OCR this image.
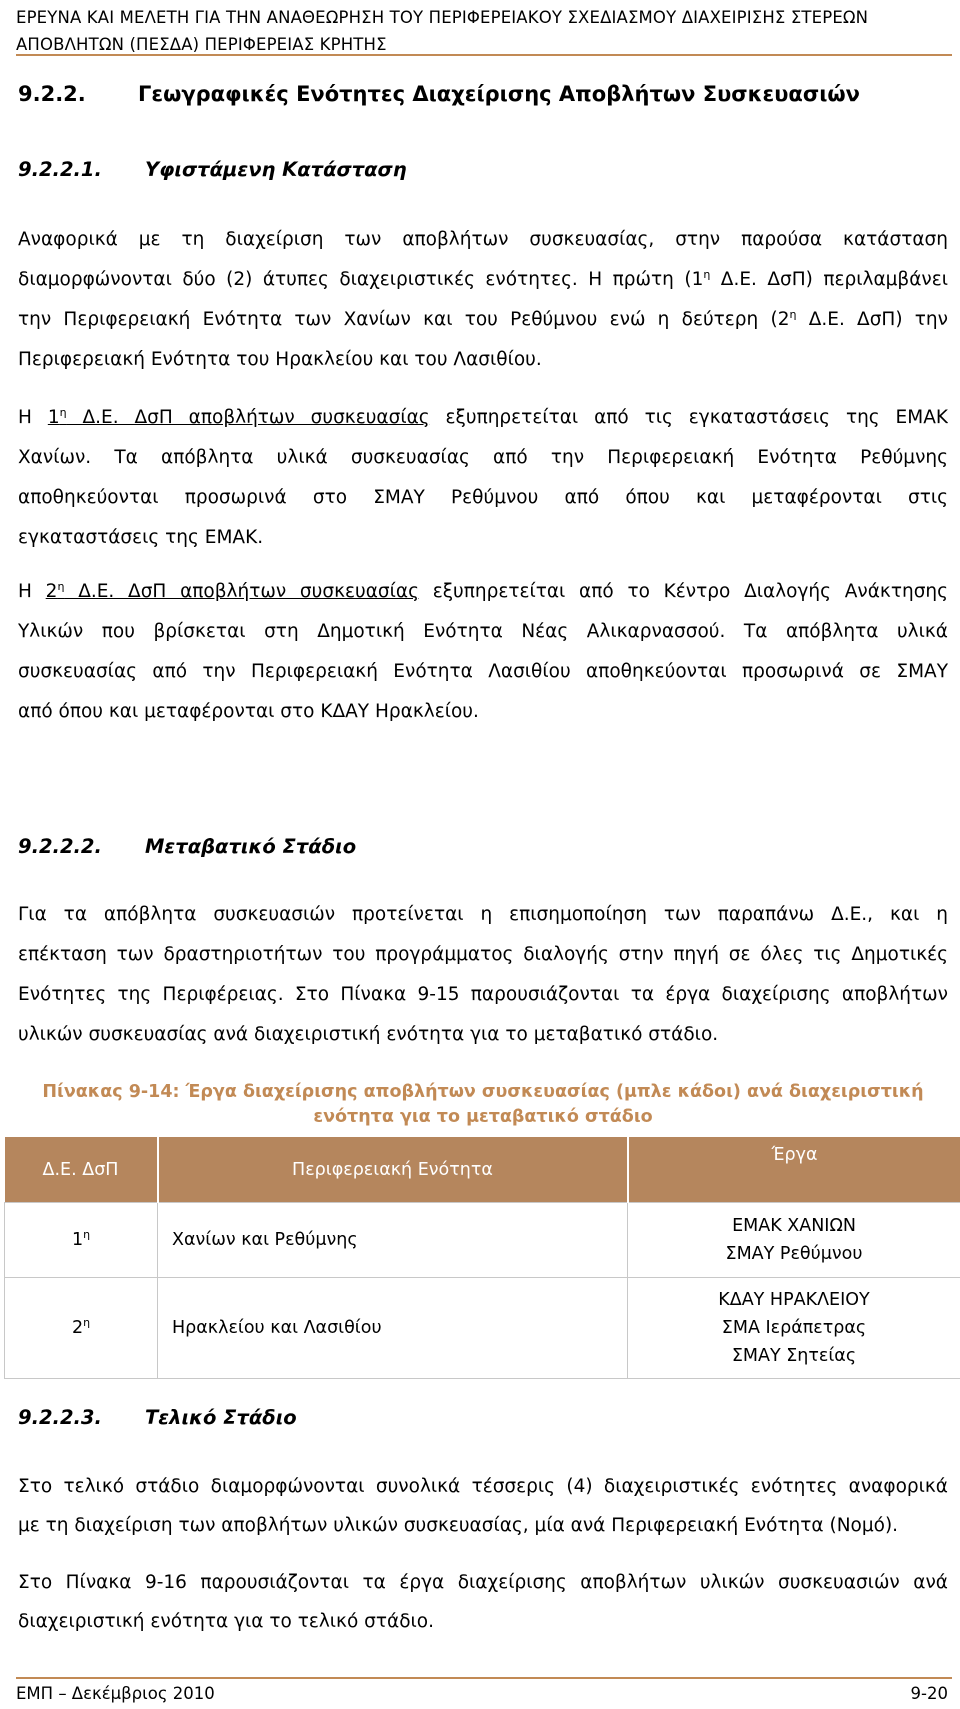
ΕΡΕΥΝΑ ΚΑΙ ΜΕΛΕΤΗ ΓΙΑ ΤΗΝ ΑΝΑΘΕΩΡΗΣΗ ΤΟΥ ΠΕΡΙΦΕΡΕΙΑΚΟΥ ΣΧΕΔΙΑΣΜΟΥ ΔΙΑΧΕΙΡΙΣΗΣ ΣΤΕΡΕΩΝ
ΑΠΟΒΛΗΤΩΝ (ΠΕΣΔΑ) ΠΕΡΙΦΕΡΕΙΑΣ ΚΡΗΤΗΣ
9.2.2. Γεωγραφικές Ενότητες Διαχείρισης Αποβλήτων Συσκευασιών
9.2.2.1. Υφιστάμενη Κατάσταση
Αναφορικά με τη διαχείριση των αποβλήτων συσκευασίας, στην παρούσα κατάσταση
διαμορφώνονται δύο (2) άτυπες διαχειριστικές ενότητες. Η πρώτη ($1^\eta$ Δ.Ε. ΔσΠ) περιλαμβάνει
την Περιφερειακή Ενότητα των Χανίων και του Ρεθύμνου ενώ η δεύτερη ($2^\eta$ Δ.Ε. ΔσΠ) την
Περιφερειακή Ενότητα του Ηρακλείου και του Λασιθίου.
Η $1^\eta$ Δ.Ε. ΔσΠ αποβλήτων συσκευασίας εξυπηρετείται από τις εγκαταστάσεις της ΕΜΑΚ
Χανίων. Τα απόβλητα υλικά συσκευασίας από την Περιφερειακή Ενότητα Ρεθύμνης
αποθηκεύονται προσωρινά στο ΣΜΑΥ Ρεθύμνου από όπου και μεταφέρονται στις
εγκαταστάσεις της ΕΜΑΚ.
Η $2^\eta$ Δ.Ε. ΔσΠ αποβλήτων συσκευασίας εξυπηρετείται από το Κέντρο Διαλογής Ανάκτησης
Υλικών που βρίσκεται στη Δημοτική Ενότητα Νέας Αλικαρνασσού. Τα απόβλητα υλικά
συσκευασίας από την Περιφερειακή Ενότητα Λασιθίου αποθηκεύονται προσωρινά σε ΣΜΑΥ
από όπου και μεταφέρονται στο ΚΔΑΥ Ηρακλείου.
9.2.2.2. Μεταβατικό Στάδιο
Για τα απόβλητα συσκευασιών προτείνεται η επισημοποίηση των παραπάνω Δ.Ε., και η
επέκταση των δραστηριοτήτων του προγράμματος διαλογής στην πηγή σε όλες τις Δημοτικές
Ενότητες της Περιφέρειας. Στο Πίνακα 9-15 παρουσιάζονται τα έργα διαχείρισης αποβλήτων
υλικών συσκευασίας ανά διαχειριστική ενότητα για το μεταβατικό στάδιο.
Πίνακας 9-14: Έργα διαχείρισης αποβλήτων συσκευασίας (μπλε κάδοι) ανά διαχειριστική
ενότητα για το μεταβατικό στάδιο
Δ.Ε. ΔσΠ	Περιφερειακή Ενότητα	Έργα
$1^\eta$	Χανίων και Ρεθύμνης	ΕΜΑΚ ΧΑΝΙΩΝ
ΣΜΑΥ Ρεθύμνου

$2^\eta$	Ηρακλείου και Λασιθίου	ΚΔΑΥ ΗΡΑΚΛΕΙΟΥ
ΣΜΑ Ιεράπετρας
ΣΜΑΥ Σητείας
9.2.2.3. Τελικό Στάδιο
Στο τελικό στάδιο διαμορφώνονται συνολικά τέσσερις (4) διαχειριστικές ενότητες αναφορικά
με τη διαχείριση των αποβλήτων υλικών συσκευασίας, μία ανά Περιφερειακή Ενότητα (Νομό).
Στο Πίνακα 9-16 παρουσιάζονται τα έργα διαχείρισης αποβλήτων υλικών συσκευασιών ανά
διαχειριστική ενότητα για το τελικό στάδιο.
ΕΜΠ – Δεκέμβριος 2010	9-20
